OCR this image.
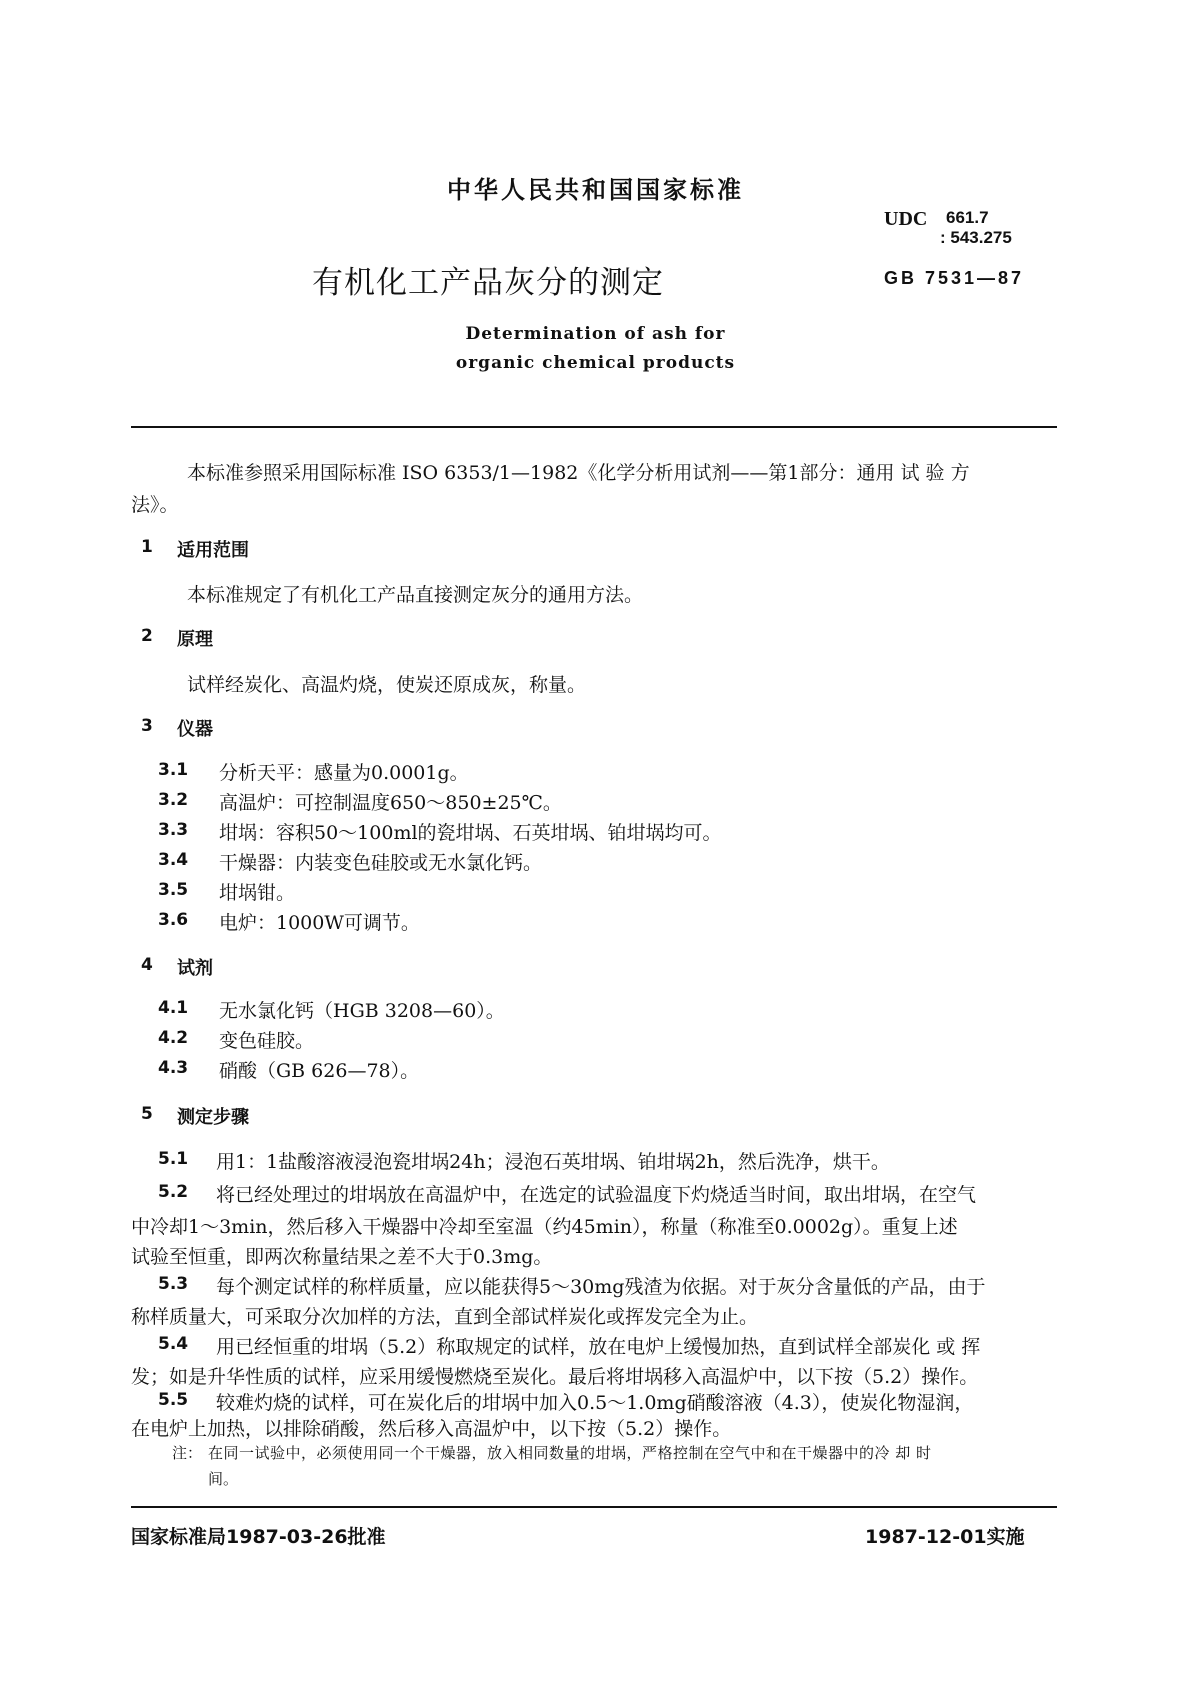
中华人民共和国国家标准
UDC 661.7
: 543.275
有机化工产品灰分的测定	GB 7531—87
Determination of ash for
organic chemical products
本标准参照采用国际标准 ISO 6353/1—1982《化学分析用试剂——第1部分：通用 试 验 方
法》。
1 适用范围
本标准规定了有机化工产品直接测定灰分的通用方法。
2 原理
试样经炭化、高温灼烧，使炭还原成灰，称量。
3 仪器
3.1 分析天平：感量为0.0001g。
3.2 高温炉：可控制温度650～850±25℃。
3.3 坩埚：容积50～100ml的瓷坩埚、石英坩埚、铂坩埚均可。
3.4 干燥器：内装变色硅胶或无水氯化钙。
3.5 坩埚钳。
3.6 电炉：1000W可调节。
4 试剂
4.1 无水氯化钙（HGB 3208—60）。
4.2 变色硅胶。
4.3 硝酸（GB 626—78）。
5 测定步骤
5.1 用1：1盐酸溶液浸泡瓷坩埚24h；浸泡石英坩埚、铂坩埚2h，然后洗净，烘干。
5.2 将已经处理过的坩埚放在高温炉中，在选定的试验温度下灼烧适当时间，取出坩埚，在空气
中冷却1～3min，然后移入干燥器中冷却至室温（约45min），称量（称准至0.0002g）。重复上述
试验至恒重，即两次称量结果之差不大于0.3mg。
5.3 每个测定试样的称样质量，应以能获得5～30mg残渣为依据。对于灰分含量低的产品，由于
称样质量大，可采取分次加样的方法，直到全部试样炭化或挥发完全为止。
5.4 用已经恒重的坩埚（5.2）称取规定的试样，放在电炉上缓慢加热，直到试样全部炭化 或 挥
发；如是升华性质的试样，应采用缓慢燃烧至炭化。最后将坩埚移入高温炉中，以下按（5.2）操作。
5.5 较难灼烧的试样，可在炭化后的坩埚中加入0.5～1.0mg硝酸溶液（4.3），使炭化物湿润，
在电炉上加热，以排除硝酸，然后移入高温炉中，以下按（5.2）操作。
注： 在同一试验中，必须使用同一个干燥器，放入相同数量的坩埚，严格控制在空气中和在干燥器中的冷 却 时
间。
国家标准局1987-03-26批准	1987-12-01实施
